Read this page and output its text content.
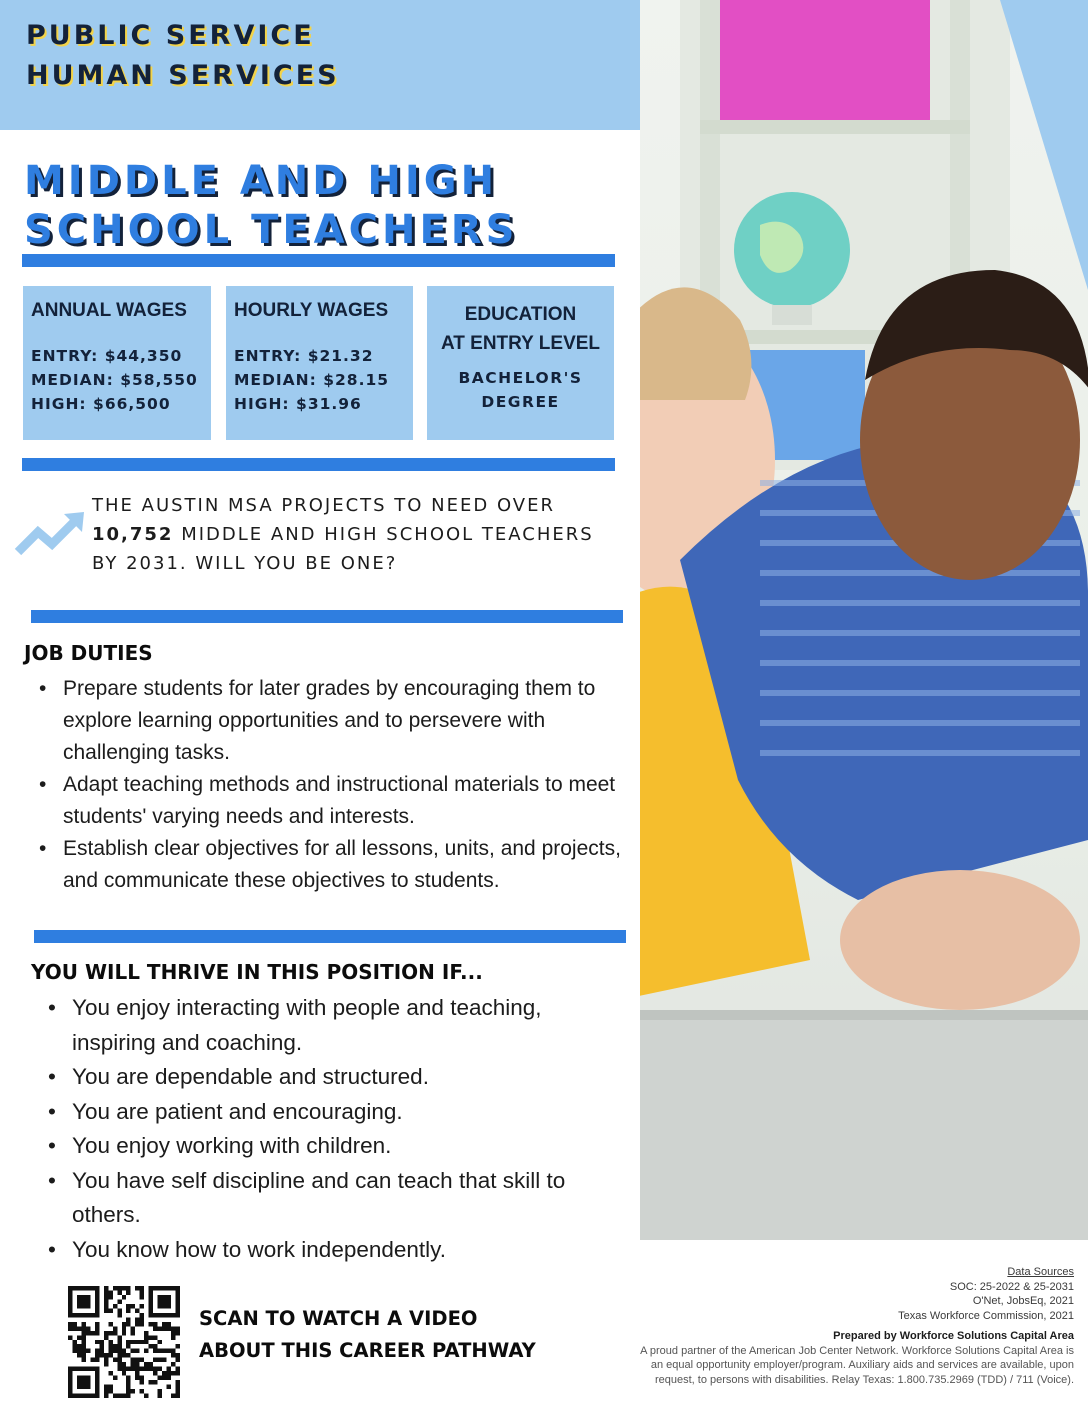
PUBLIC SERVICE
HUMAN SERVICES
MIDDLE AND HIGH
SCHOOL TEACHERS
ANNUAL WAGES
ENTRY: $44,350
MEDIAN: $58,550
HIGH: $66,500
HOURLY WAGES
ENTRY: $21.32
MEDIAN: $28.15
HIGH: $31.96
EDUCATION
AT ENTRY LEVEL
BACHELOR'S
DEGREE
THE AUSTIN MSA PROJECTS TO NEED OVER 10,752 MIDDLE AND HIGH SCHOOL TEACHERS BY 2031. WILL YOU BE ONE?
JOB DUTIES
• Prepare students for later grades by encouraging them to explore learning opportunities and to persevere with challenging tasks.
• Adapt teaching methods and instructional materials to meet students' varying needs and interests.
• Establish clear objectives for all lessons, units, and projects, and communicate these objectives to students.
YOU WILL THRIVE IN THIS POSITION IF...
• You enjoy interacting with people and teaching, inspiring and coaching.
• You are dependable and structured.
• You are patient and encouraging.
• You enjoy working with children.
• You have self discipline and can teach that skill to others.
• You know how to work independently.
SCAN TO WATCH A VIDEO
ABOUT THIS CAREER PATHWAY
Data Sources
SOC: 25-2022 & 25-2031
O'Net, JobsEq, 2021
Texas Workforce Commission, 2021
Prepared by Workforce Solutions Capital Area
A proud partner of the American Job Center Network. Workforce Solutions Capital Area is
an equal opportunity employer/program. Auxiliary aids and services are available, upon
request, to persons with disabilities. Relay Texas: 1.800.735.2969 (TDD) / 711 (Voice).
